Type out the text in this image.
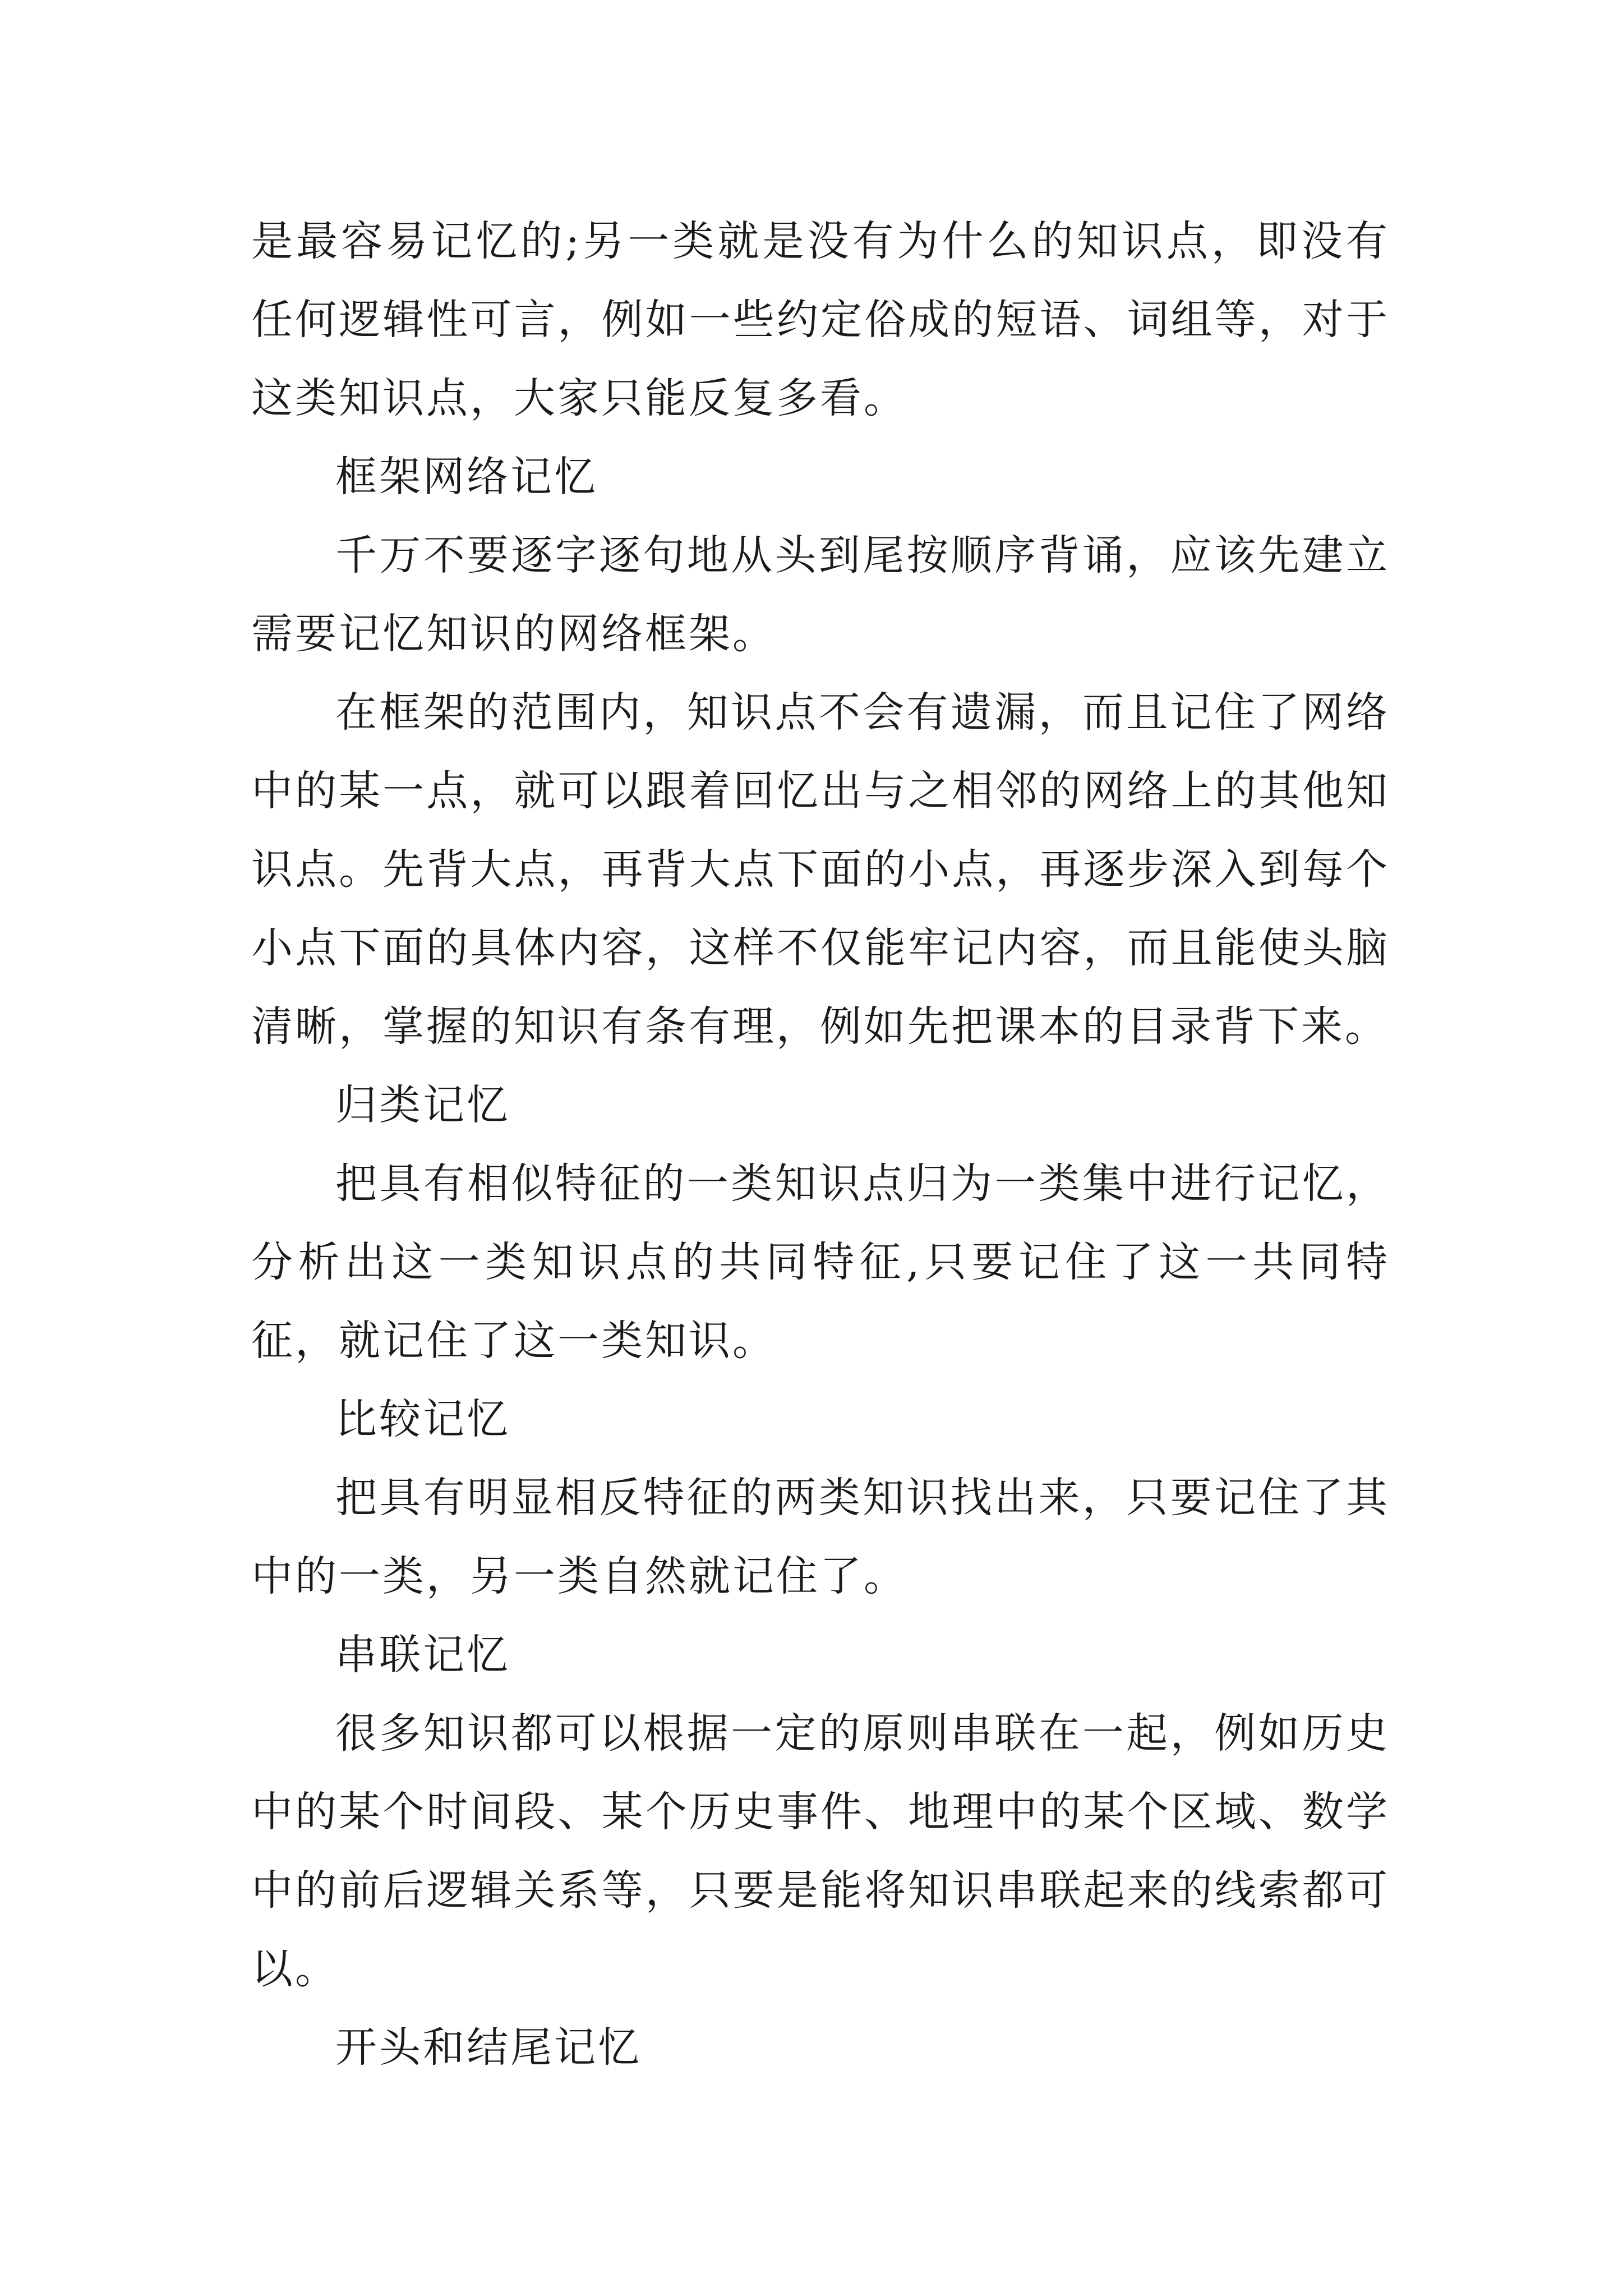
是最容易记忆的;另一类就是没有为什么的知识点，即没有任何逻辑性可言，例如一些约定俗成的短语、词组等，对于这类知识点，大家只能反复多看。

框架网络记忆

千万不要逐字逐句地从头到尾按顺序背诵，应该先建立需要记忆知识的网络框架。

在框架的范围内，知识点不会有遗漏，而且记住了网络中的某一点，就可以跟着回忆出与之相邻的网络上的其他知识点。先背大点，再背大点下面的小点，再逐步深入到每个小点下面的具体内容，这样不仅能牢记内容，而且能使头脑清晰，掌握的知识有条有理，例如先把课本的目录背下来。

归类记忆

把具有相似特征的一类知识点归为一类集中进行记忆，分析出这一类知识点的共同特征,只要记住了这一共同特征，就记住了这一类知识。

比较记忆

把具有明显相反特征的两类知识找出来，只要记住了其中的一类，另一类自然就记住了。

串联记忆

很多知识都可以根据一定的原则串联在一起，例如历史中的某个时间段、某个历史事件、地理中的某个区域、数学中的前后逻辑关系等，只要是能将知识串联起来的线索都可以。

开头和结尾记忆
